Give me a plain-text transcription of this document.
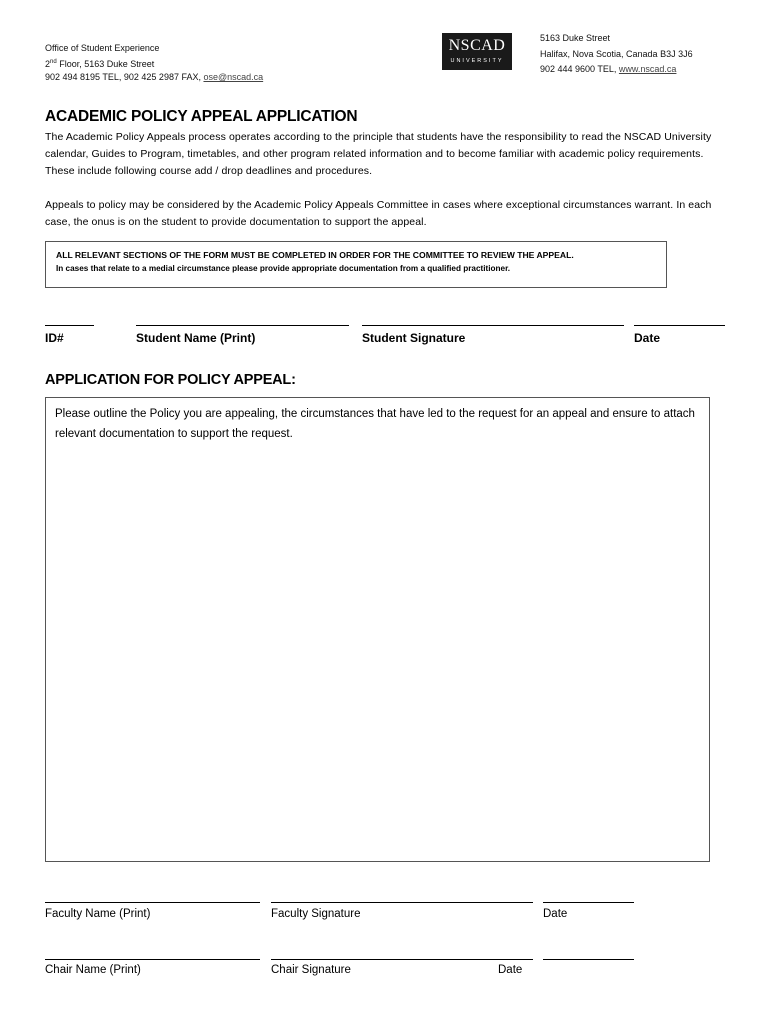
Office of Student Experience
2nd Floor, 5163 Duke Street
902 494 8195 TEL, 902 425 2987 FAX, ose@nscad.ca
NSCAD
UNIVERSITY
5163 Duke Street
Halifax, Nova Scotia, Canada B3J 3J6
902 444 9600 TEL, www.nscad.ca
ACADEMIC POLICY APPEAL APPLICATION
The Academic Policy Appeals process operates according to the principle that students have the responsibility to read the NSCAD University calendar, Guides to Program, timetables, and other program related information and to become familiar with academic policy requirements. These include following course add / drop deadlines and procedures.
Appeals to policy may be considered by the Academic Policy Appeals Committee in cases where exceptional circumstances warrant. In each case, the onus is on the student to provide documentation to support the appeal.
ALL RELEVANT SECTIONS OF THE FORM MUST BE COMPLETED IN ORDER FOR THE COMMITTEE TO REVIEW THE APPEAL.
In cases that relate to a medial circumstance please provide appropriate documentation from a qualified practitioner.
ID#	Student Name (Print)	Student Signature	Date
APPLICATION FOR POLICY APPEAL:
Please outline the Policy you are appealing, the circumstances that have led to the request for an appeal and ensure to attach relevant documentation to support the request.
Faculty Name (Print)	Faculty Signature	Date
Chair Name (Print)	Chair Signature	Date
